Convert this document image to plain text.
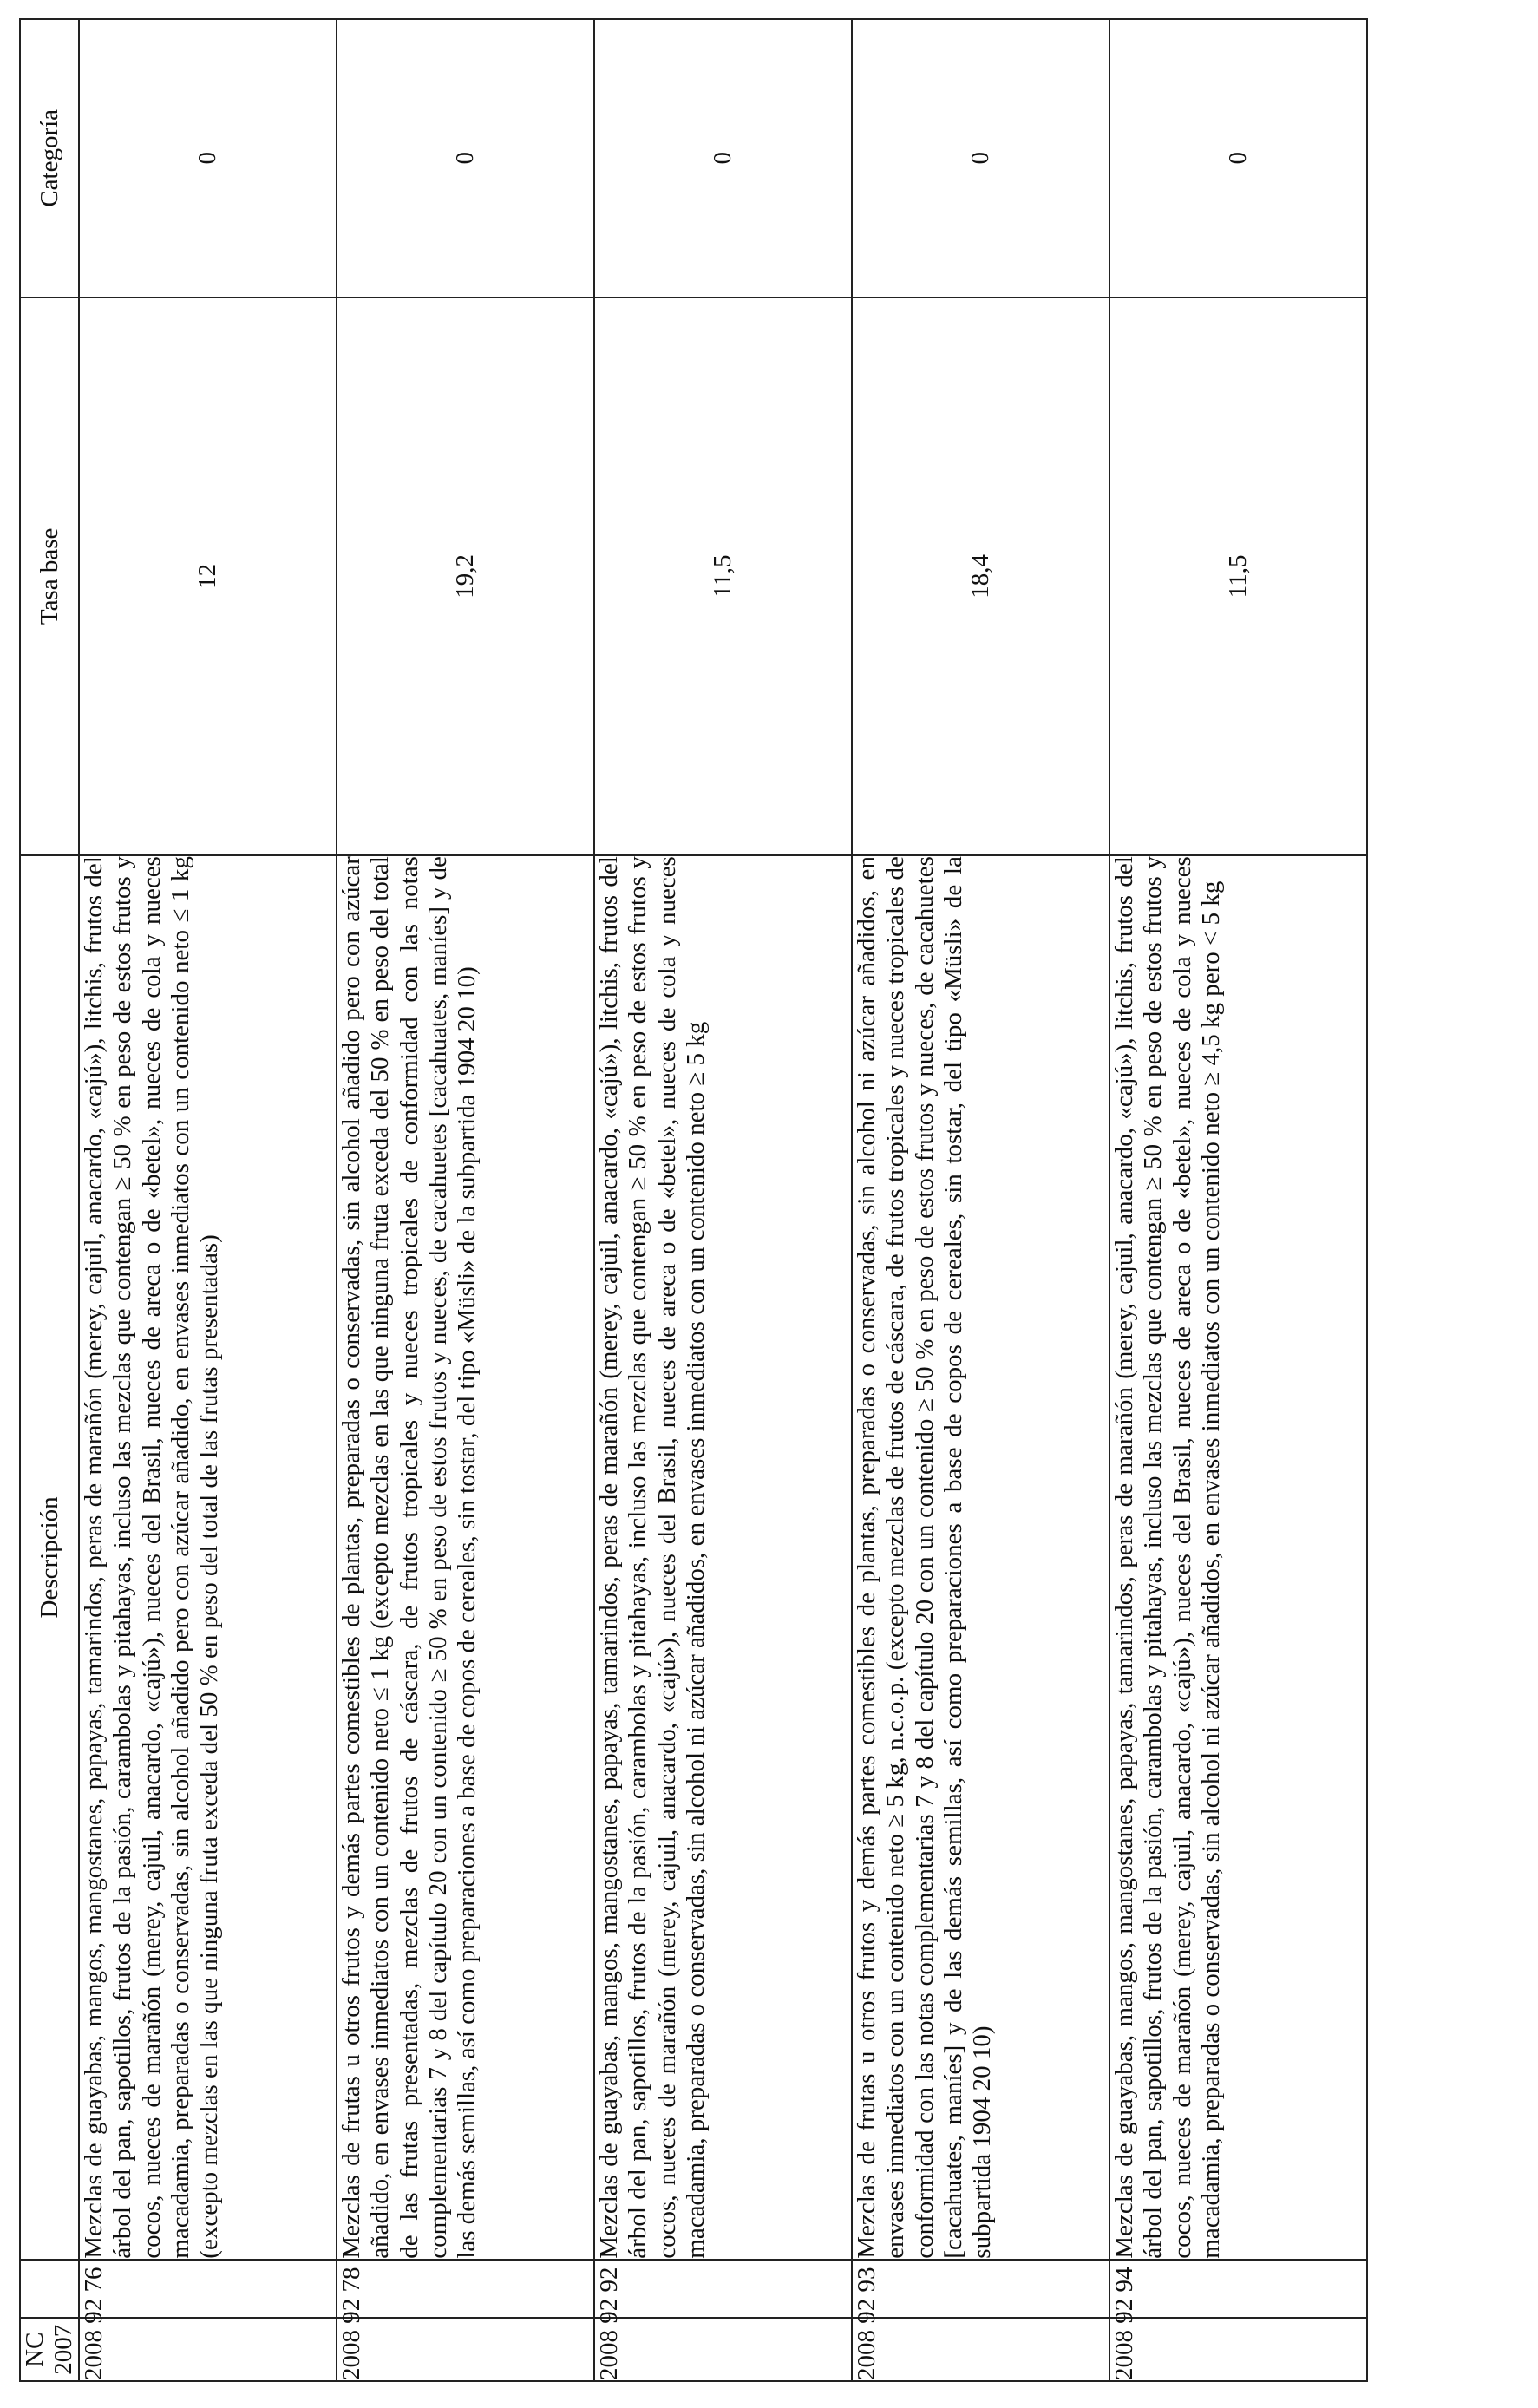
NC 2007		Descripción	Tasa base	Categoría
2008 92 76		Mezclas de guayabas, mangos, mangostanes, papayas, tamarindos, peras de marañón (merey, cajuil, anacardo, «cajú»), litchis, frutos del árbol del pan, sapotillos, frutos de la pasión, carambolas y pitahayas, incluso las mezclas que contengan ≥ 50 % en peso de estos frutos y cocos, nueces de marañón (merey, cajuil, anacardo, «cajú»), nueces del Brasil, nueces de areca o de «betel», nueces de cola y nueces macadamia, preparadas o conservadas, sin alcohol añadido pero con azúcar añadido, en envases inmediatos con un contenido neto ≤ 1 kg (excepto mezclas en las que ninguna fruta exceda del 50 % en peso del total de las frutas presentadas)	12	0
2008 92 78		Mezclas de frutas u otros frutos y demás partes comestibles de plantas, preparadas o conservadas, sin alcohol añadido pero con azúcar añadido, en envases inmediatos con un contenido neto ≤ 1 kg (excepto mezclas en las que ninguna fruta exceda del 50 % en peso del total de las frutas presentadas, mezclas de frutos de cáscara, de frutos tropicales y nueces tropicales de conformidad con las notas complementarias 7 y 8 del capítulo 20 con un contenido ≥ 50 % en peso de estos frutos y nueces, de cacahuetes [cacahuates, maníes] y de las demás semillas, así como preparaciones a base de copos de cereales, sin tostar, del tipo «Müsli» de la subpartida 1904 20 10)	19,2	0
2008 92 92		Mezclas de guayabas, mangos, mangostanes, papayas, tamarindos, peras de marañón (merey, cajuil, anacardo, «cajú»), litchis, frutos del árbol del pan, sapotillos, frutos de la pasión, carambolas y pitahayas, incluso las mezclas que contengan ≥ 50 % en peso de estos frutos y cocos, nueces de marañón (merey, cajuil, anacardo, «cajú»), nueces del Brasil, nueces de areca o de «betel», nueces de cola y nueces macadamia, preparadas o conservadas, sin alcohol ni azúcar añadidos, en envases inmediatos con un contenido neto ≥ 5 kg	11,5	0
2008 92 93		Mezclas de frutas u otros frutos y demás partes comestibles de plantas, preparadas o conservadas, sin alcohol ni azúcar añadidos, en envases inmediatos con un contenido neto ≥ 5 kg, n.c.o.p. (excepto mezclas de frutos de cáscara, de frutos tropicales y nueces tropicales de conformidad con las notas complementarias 7 y 8 del capítulo 20 con un contenido ≥ 50 % en peso de estos frutos y nueces, de cacahuetes [cacahuates, maníes] y de las demás semillas, así como preparaciones a base de copos de cereales, sin tostar, del tipo «Müsli» de la subpartida 1904 20 10)	18,4	0
2008 92 94		Mezclas de guayabas, mangos, mangostanes, papayas, tamarindos, peras de marañón (merey, cajuil, anacardo, «cajú»), litchis, frutos del árbol del pan, sapotillos, frutos de la pasión, carambolas y pitahayas, incluso las mezclas que contengan ≥ 50 % en peso de estos frutos y cocos, nueces de marañón (merey, cajuil, anacardo, «cajú»), nueces del Brasil, nueces de areca o de «betel», nueces de cola y nueces macadamia, preparadas o conservadas, sin alcohol ni azúcar añadidos, en envases inmediatos con un contenido neto ≥ 4,5 kg pero < 5 kg	11,5	0
